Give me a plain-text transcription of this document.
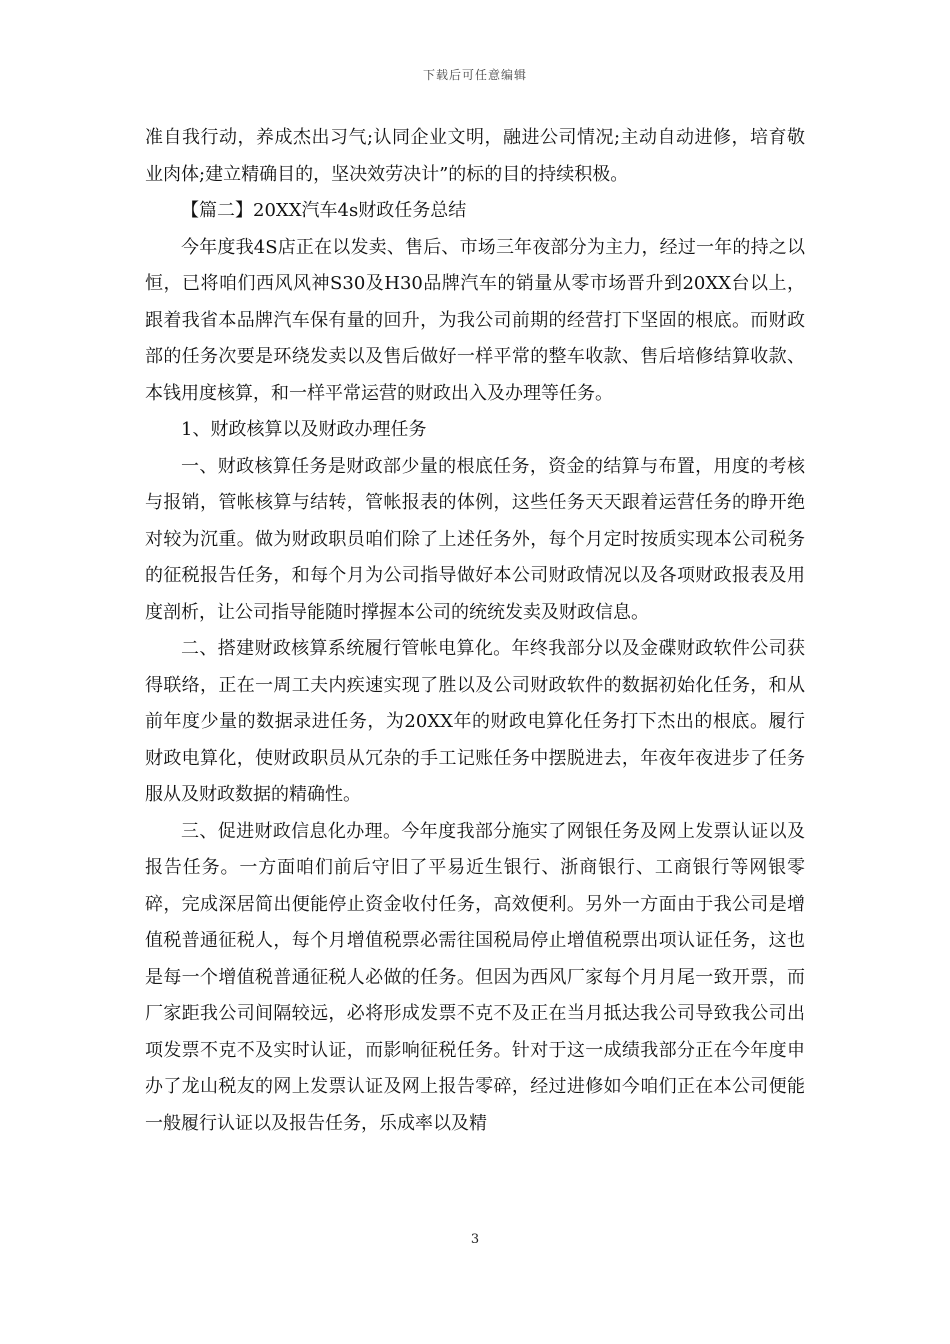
下载后可任意编辑

准自我行动，养成杰出习气;认同企业文明，融进公司情况;主动自动进修，培育敬业肉体;建立精确目的，坚决效劳决计”的标的目的持续积极。

【篇二】20XX汽车4s财政任务总结

今年度我4S店正在以发卖、售后、市场三年夜部分为主力，经过一年的持之以恒，已将咱们西风风神S30及H30品牌汽车的销量从零市场晋升到20XX台以上，跟着我省本品牌汽车保有量的回升，为我公司前期的经营打下坚固的根底。而财政部的任务次要是环绕发卖以及售后做好一样平常的整车收款、售后培修结算收款、本钱用度核算，和一样平常运营的财政出入及办理等任务。

1、财政核算以及财政办理任务

一、财政核算任务是财政部少量的根底任务，资金的结算与布置，用度的考核与报销，管帐核算与结转，管帐报表的体例，这些任务天天跟着运营任务的睁开绝对较为沉重。做为财政职员咱们除了上述任务外，每个月定时按质实现本公司税务的征税报告任务，和每个月为公司指导做好本公司财政情况以及各项财政报表及用度剖析，让公司指导能随时撑握本公司的统统发卖及财政信息。

二、搭建财政核算系统履行管帐电算化。年终我部分以及金碟财政软件公司获得联络，正在一周工夫内疾速实现了胜以及公司财政软件的数据初始化任务，和从前年度少量的数据录进任务，为20XX年的财政电算化任务打下杰出的根底。履行财政电算化，使财政职员从冗杂的手工记账任务中摆脱进去，年夜年夜进步了任务服从及财政数据的精确性。

三、促进财政信息化办理。今年度我部分施实了网银任务及网上发票认证以及报告任务。一方面咱们前后守旧了平易近生银行、浙商银行、工商银行等网银零碎，完成深居简出便能停止资金收付任务，高效便利。另外一方面由于我公司是增值税普通征税人，每个月增值税票必需往国税局停止增值税票出项认证任务，这也是每一个增值税普通征税人必做的任务。但因为西风厂家每个月月尾一致开票，而厂家距我公司间隔较远，必将形成发票不克不及正在当月抵达我公司导致我公司出项发票不克不及实时认证，而影响征税任务。针对于这一成绩我部分正在今年度申办了龙山税友的网上发票认证及网上报告零碎，经过进修如今咱们正在本公司便能一般履行认证以及报告任务，乐成率以及精

3
